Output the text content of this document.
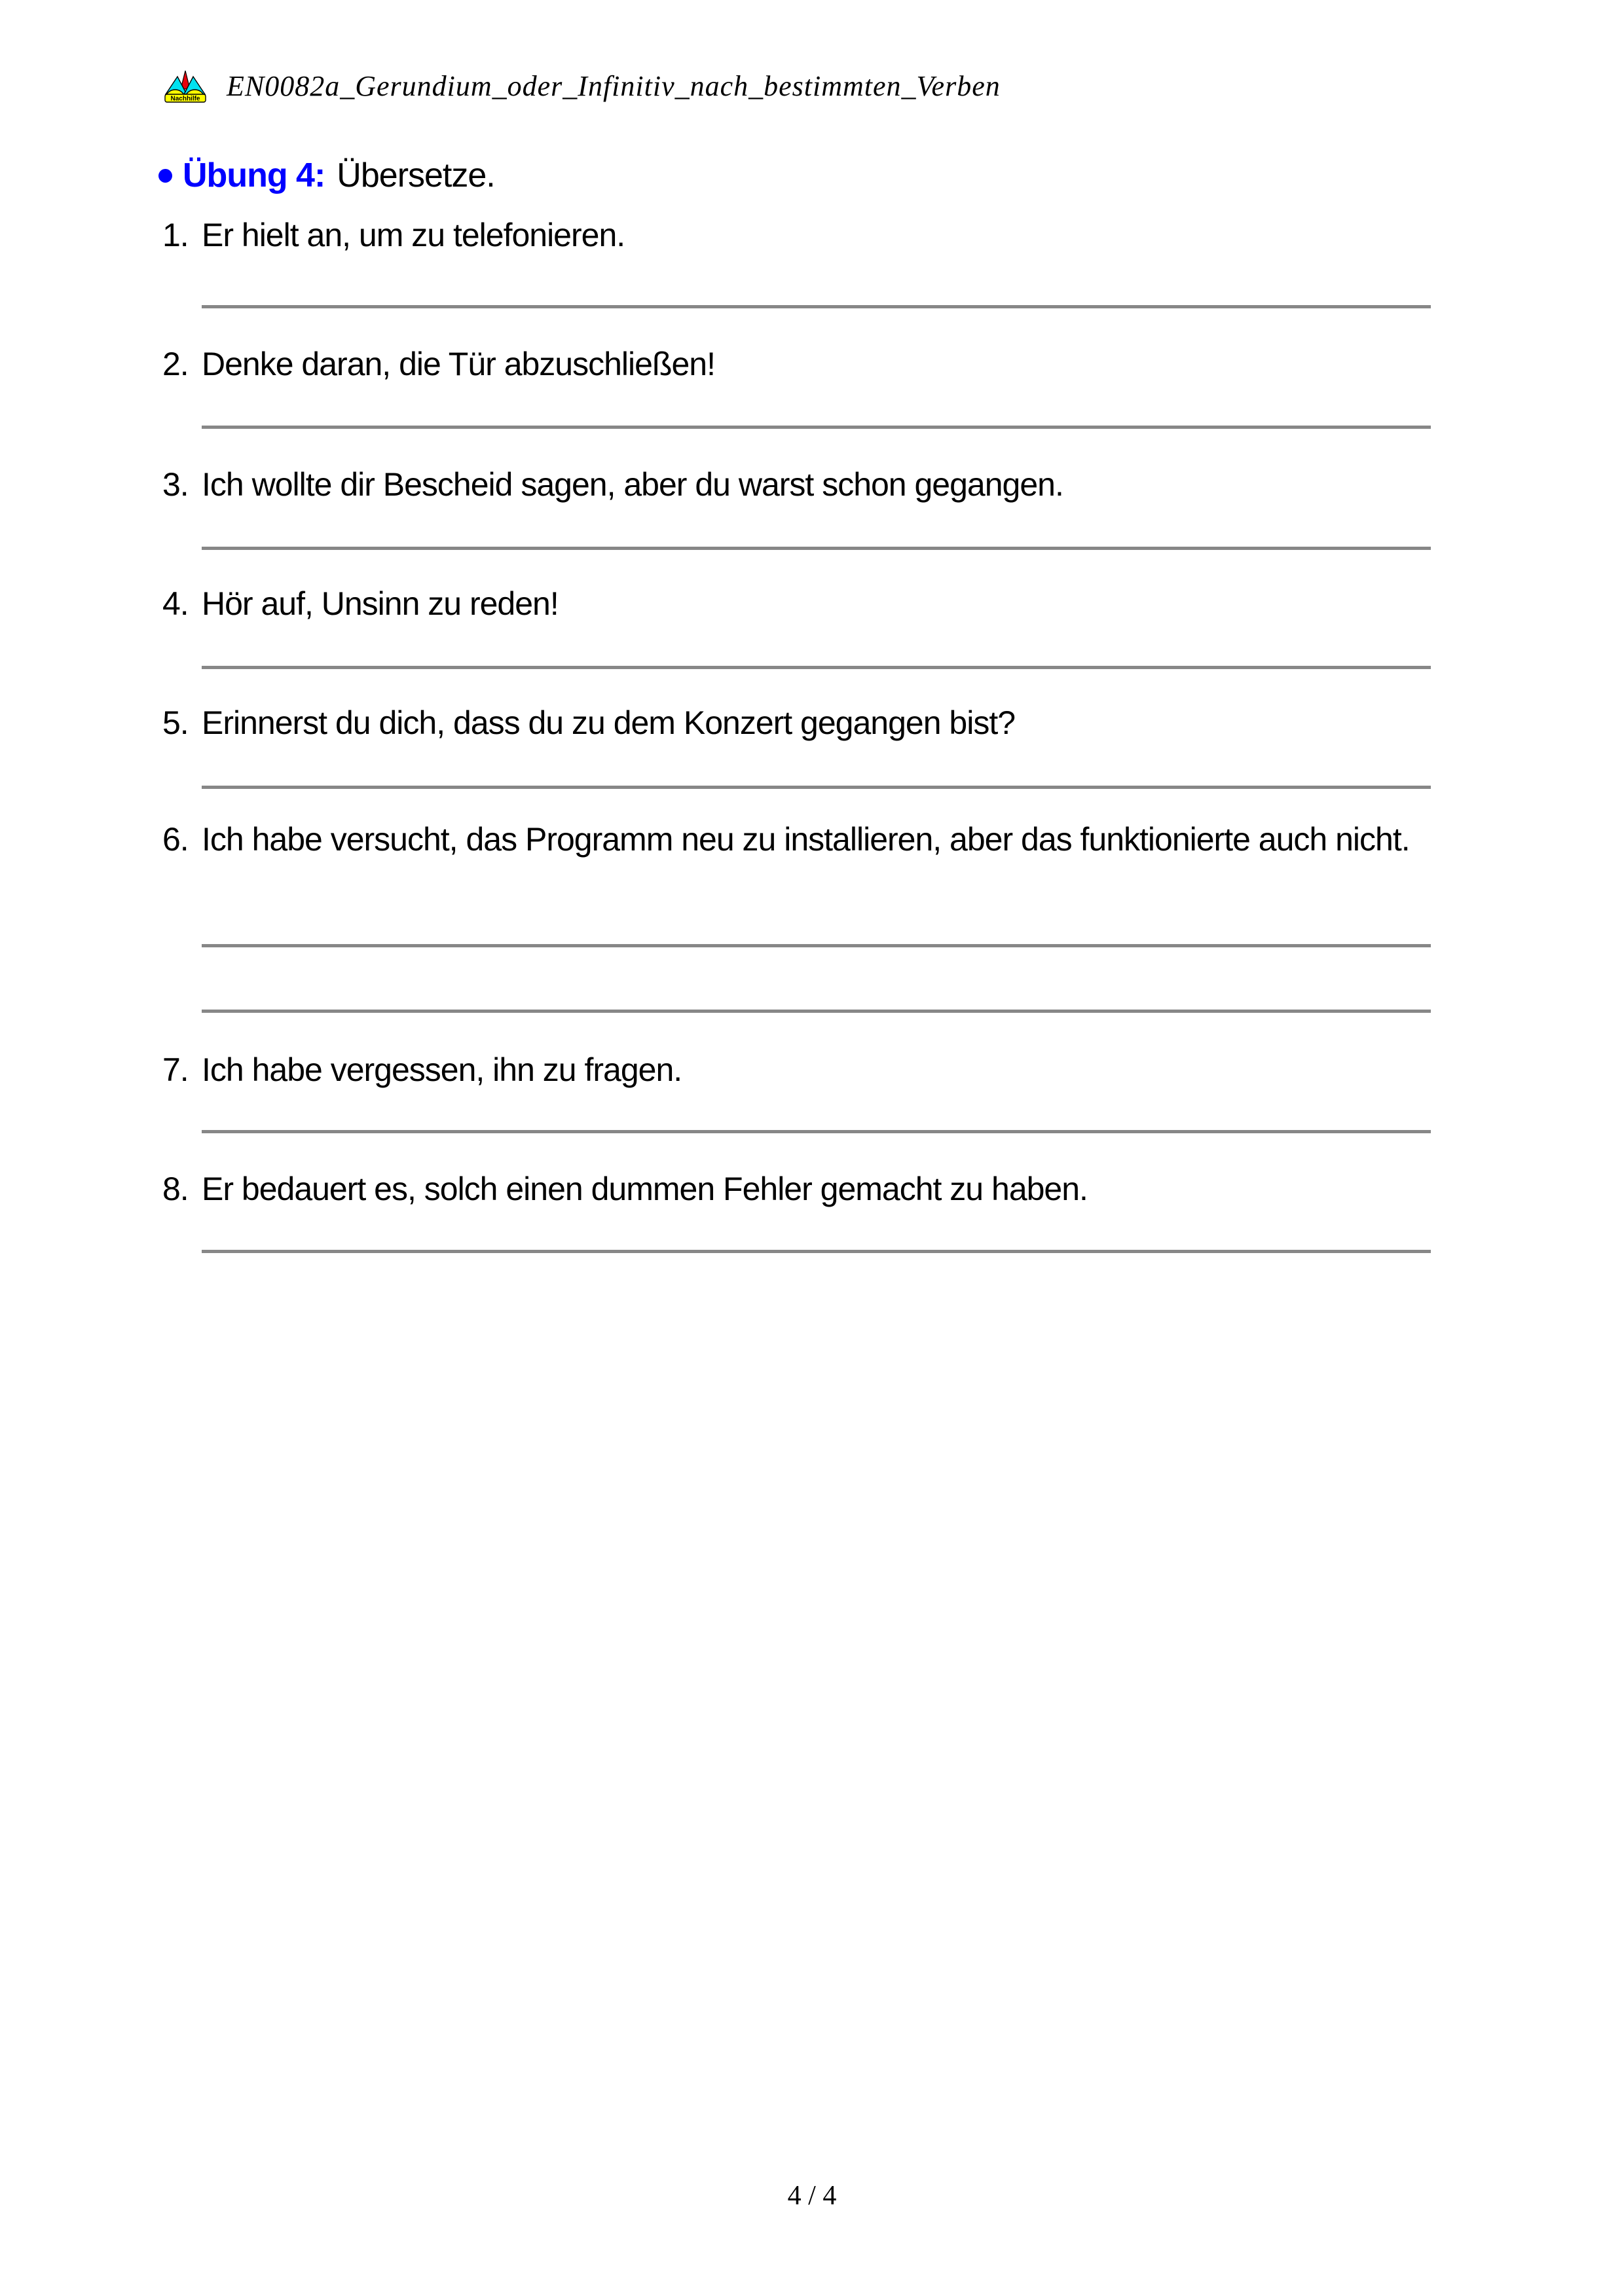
Nachhilfe EN0082a_Gerundium_oder_Infinitiv_nach_bestimmten_Verben
Übung 4: Übersetze.
1. Er hielt an, um zu telefonieren.
2. Denke daran, die Tür abzuschließen!
3. Ich wollte dir Bescheid sagen, aber du warst schon gegangen.
4. Hör auf, Unsinn zu reden!
5. Erinnerst du dich, dass du zu dem Konzert gegangen bist?
6. Ich habe versucht, das Programm neu zu installieren, aber das funktionierte auch nicht.
7. Ich habe vergessen, ihn zu fragen.
8. Er bedauert es, solch einen dummen Fehler gemacht zu haben.
4 / 4
